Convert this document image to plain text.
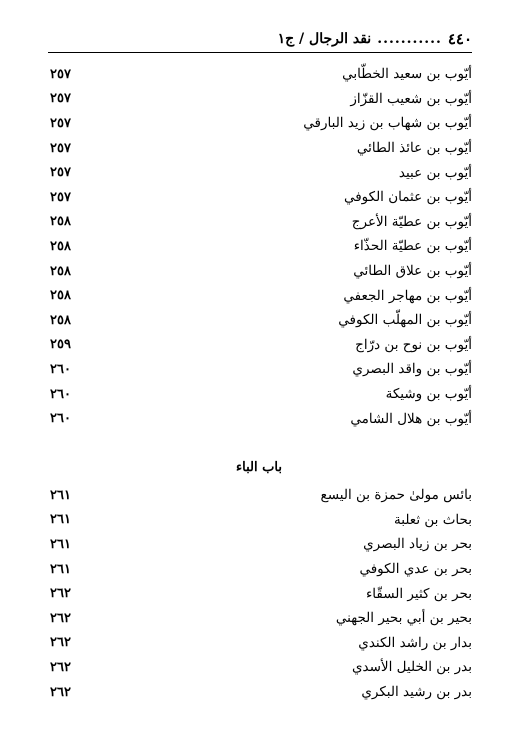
٤٤٠
...........
نقد الرجال / ج١
أيّوب بن سعيد الخطّابي
٢٥٧
أيّوب بن شعيب القزّاز
٢٥٧
أيّوب بن شهاب بن زيد البارقي
٢٥٧
أيّوب بن عائذ الطائي
٢٥٧
أيّوب بن عبيد
٢٥٧
أيّوب بن عثمان الكوفي
٢٥٧
أيّوب بن عطيّة الأعرج
٢٥٨
أيّوب بن عطيّة الحذّاء
٢٥٨
أيّوب بن علاق الطائي
٢٥٨
أيّوب بن مهاجر الجعفي
٢٥٨
أيّوب بن المهلّب الكوفي
٢٥٨
أيّوب بن نوح بن درّاج
٢٥٩
أيّوب بن واقد البصري
٢٦٠
أيّوب بن وشيكة
٢٦٠
أيّوب بن هلال الشامي
٢٦٠
باب الباء
بائس مولىٰ حمزة بن اليسع
٢٦١
بحاث بن ثعلبة
٢٦١
بحر بن زياد البصري
٢٦١
بحر بن عدي الكوفي
٢٦١
بحر بن كثير السقّاء
٢٦٢
بحير بن أبي بحير الجهني
٢٦٢
بدار بن راشد الكندي
٢٦٢
بدر بن الخليل الأسدي
٢٦٢
بدر بن رشيد البكري
٢٦٢
